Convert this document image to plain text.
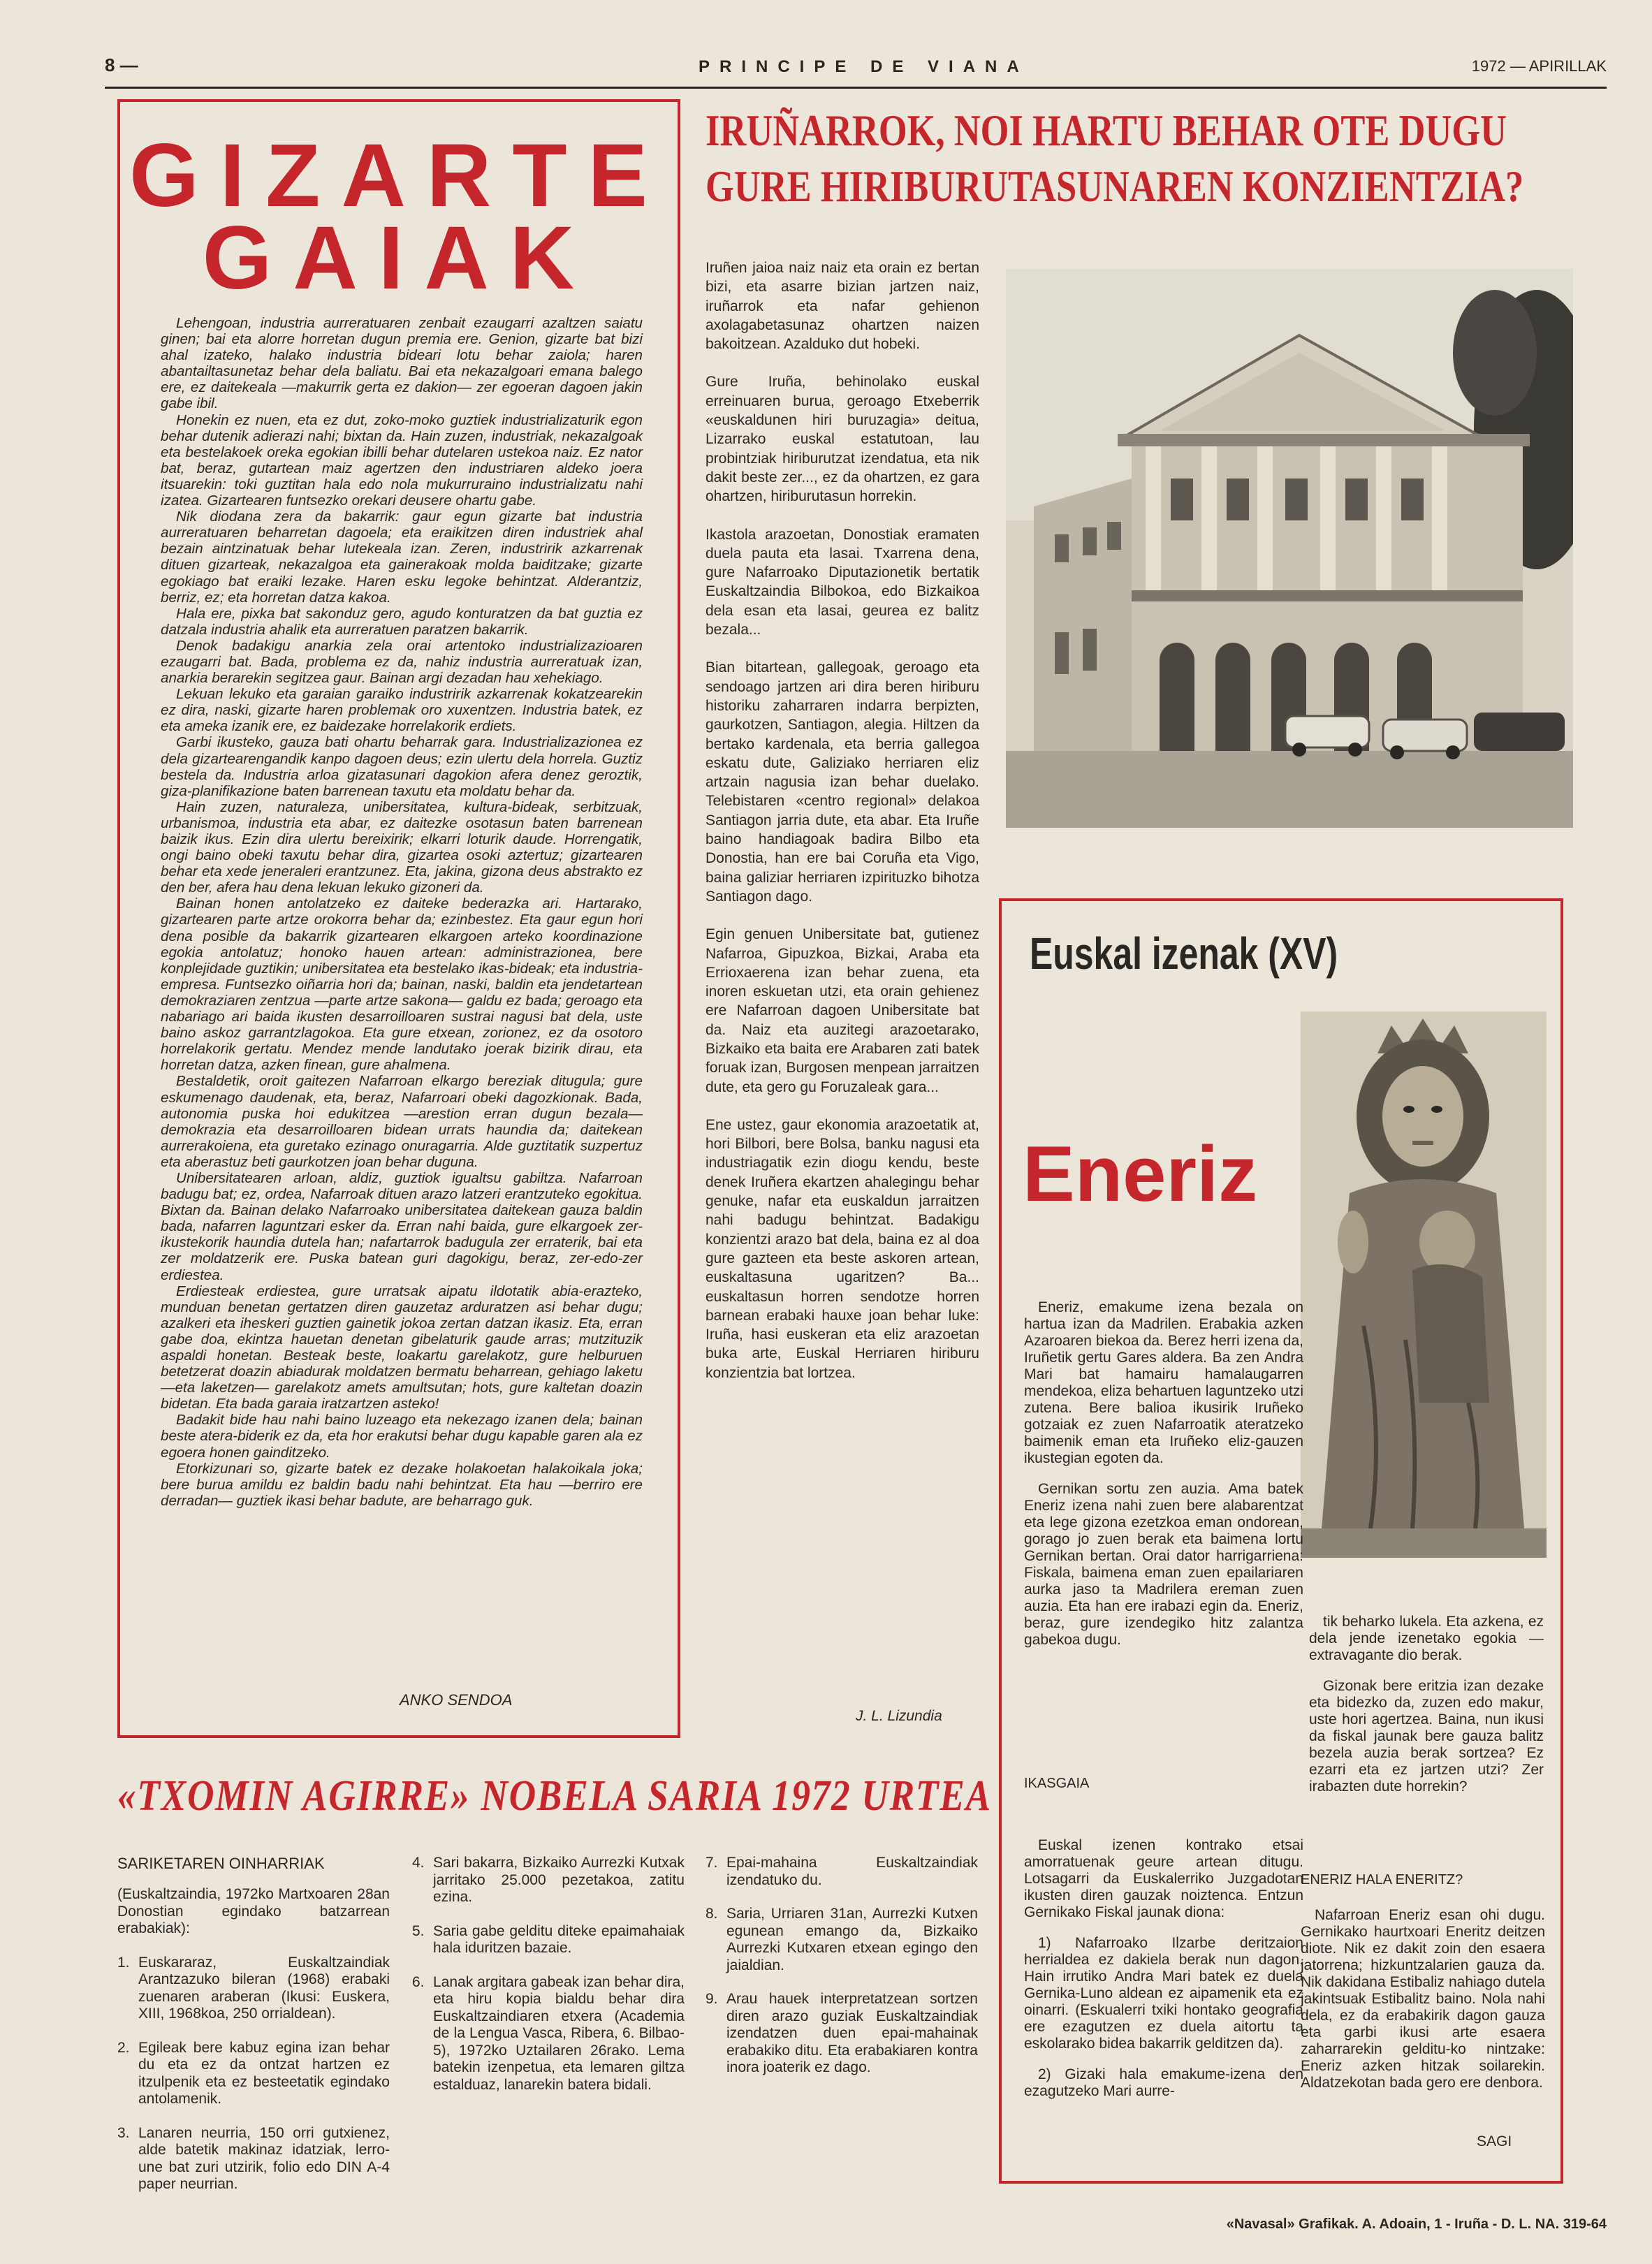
8 —	PRINCIPE DE VIANA	1972 — APIRILLAK
GIZARTE
GAIAK

Lehengoan, industria aurreratuaren zenbait ezaugarri azaltzen saiatu ginen; bai eta alorre horretan dugun premia ere. Genion, gizarte bat bizi ahal izateko, halako industria bideari lotu behar zaiola; haren abantailtasunetaz behar dela baliatu. Bai eta nekazalgoari emana balego ere, ez daitekeala —makurrik gerta ez dakion— zer egoeran dagoen jakin gabe ibil.

Honekin ez nuen, eta ez dut, zoko-moko guztiek industrializaturik egon behar dutenik adierazi nahi; bixtan da. Hain zuzen, industriak, nekazalgoak eta bestelakoek oreka egokian ibilli behar dutelaren ustekoa naiz. Ez nator bat, beraz, gutartean maiz agertzen den industriaren aldeko joera itsuarekin: toki guztitan hala edo nola mukurruraino industrializatu nahi izatea. Gizartearen funtsezko orekari deusere ohartu gabe.

Nik diodana zera da bakarrik: gaur egun gizarte bat industria aurreratuaren beharretan dagoela; eta eraikitzen diren industriek ahal bezain aintzinatuak behar lutekeala izan. Zeren, industririk azkarrenak dituen gizarteak, nekazalgoa eta gainerakoak molda baiditzake; gizarte egokiago bat eraiki lezake. Haren esku legoke behintzat. Alderantziz, berriz, ez; eta horretan datza kakoa.

Hala ere, pixka bat sakonduz gero, agudo konturatzen da bat guztia ez datzala industria ahalik eta aurreratuen paratzen bakarrik.

Denok badakigu anarkia zela orai artentoko industrializazioaren ezaugarri bat. Bada, problema ez da, nahiz industria aurreratuak izan, anarkia berarekin segitzea gaur. Bainan argi dezadan hau xehekiago.

Lekuan lekuko eta garaian garaiko industririk azkarrenak kokatzearekin ez dira, naski, gizarte haren problemak oro xuxentzen. Industria batek, ez eta ameka izanik ere, ez baidezake horrelakorik erdiets.

Garbi ikusteko, gauza bati ohartu beharrak gara. Industrializazionea ez dela gizartearengandik kanpo dagoen deus; ezin ulertu dela horrela. Guztiz bestela da. Industria arloa gizatasunari dagokion afera denez geroztik, giza-planifikazione baten barrenean taxutu eta moldatu behar da.

Hain zuzen, naturaleza, unibersitatea, kultura-bideak, serbitzuak, urbanismoa, industria eta abar, ez daitezke osotasun baten barrenean baizik ikus. Ezin dira ulertu bereixirik; elkarri loturik daude. Horrengatik, ongi baino obeki taxutu behar dira, gizartea osoki aztertuz; gizartearen behar eta xede jeneraleri erantzunez. Eta, jakina, gizona deus abstrakto ez den ber, afera hau dena lekuan lekuko gizoneri da.

Bainan honen antolatzeko ez daiteke bederazka ari. Hartarako, gizartearen parte artze orokorra behar da; ezinbestez. Eta gaur egun hori dena posible da bakarrik gizartearen elkargoen arteko koordinazione egokia antolatuz; honoko hauen artean: administrazionea, bere konplejidade guztikin; unibersitatea eta bestelako ikas-bideak; eta industria-empresa. Funtsezko oiñarria hori da; bainan, naski, baldin eta jendetartean demokraziaren zentzua —parte artze sakona— galdu ez bada; geroago eta nabariago ari baida ikusten desarroilloaren sustrai nagusi bat dela, uste baino askoz garrantzlagokoa. Eta gure etxean, zorionez, ez da osotoro horrelakorik gertatu. Mendez mende landutako joerak bizirik dirau, eta horretan datza, azken finean, gure ahalmena.

Bestaldetik, oroit gaitezen Nafarroan elkargo bereziak ditugula; gure eskumenago daudenak, eta, beraz, Nafarroari obeki dagozkionak. Bada, autonomia puska hoi edukitzea —arestion erran dugun bezala— demokrazia eta desarroilloaren bidean urrats haundia da; daitekean aurrerakoiena, eta guretako ezinago onuragarria. Alde guztitatik suzpertuz eta aberastuz beti gaurkotzen joan behar duguna.

Unibersitatearen arloan, aldiz, guztiok igualtsu gabiltza. Nafarroan badugu bat; ez, ordea, Nafarroak dituen arazo latzeri erantzuteko egokitua. Bixtan da. Bainan delako Nafarroako unibersitatea daitekean gauza baldin bada, nafarren laguntzari esker da. Erran nahi baida, gure elkargoek zer-ikustekorik haundia dutela han; nafartarrok badugula zer erraterik, bai eta zer moldatzerik ere. Puska batean guri dagokigu, beraz, zer-edo-zer erdiestea.

Erdiesteak erdiestea, gure urratsak aipatu ildotatik abia-erazteko, munduan benetan gertatzen diren gauzetaz arduratzen asi behar dugu; azalkeri eta iheskeri guztien gainetik jokoa zertan datzan ikasiz. Eta, erran gabe doa, ekintza hauetan denetan gibelaturik gaude arras; mutzituzik aspaldi honetan. Besteak beste, loakartu garelakotz, gure helburuen betetzerat doazin abiadurak moldatzen bermatu beharrean, gehiago laketu —eta laketzen— garelakotz amets amultsutan; hots, gure kaltetan doazin bidetan. Eta bada garaia iratzartzen asteko!

Badakit bide hau nahi baino luzeago eta nekezago izanen dela; bainan beste atera-biderik ez da, eta hor erakutsi behar dugu kapable garen ala ez egoera honen gainditzeko.

Etorkizunari so, gizarte batek ez dezake holakoetan halakoikala joka; bere burua amildu ez baldin badu nahi behintzat. Eta hau —berriro ere derradan— guztiek ikasi behar badute, are beharrago guk.

ANKO SENDOA
IRUÑARROK, NOI HARTU BEHAR OTE DUGU
GURE HIRIBURUTASUNAREN KONZIENTZIA?

Iruñen jaioa naiz naiz eta orain ez bertan bizi, eta asarre bizian jartzen naiz, iruñarrok eta nafar gehienon axolagabetasunaz ohartzen naizen bakoitzean. Azalduko dut hobeki.

Gure Iruña, behinolako euskal erreinuaren burua, geroago Etxeberrik «euskaldunen hiri buruzagia» deitua, Lizarrako euskal estatutoan, lau probintziak hiriburutzat izendatua, eta nik dakit beste zer..., ez da ohartzen, ez gara ohartzen, hiriburutasun horrekin.

Ikastola arazoetan, Donostiak eramaten duela pauta eta lasai. Txarrena dena, gure Nafarroako Diputazionetik bertatik Euskaltzaindia Bilbokoa, edo Bizkaikoa dela esan eta lasai, geurea ez balitz bezala...

Bian bitartean, gallegoak, geroago eta sendoago jartzen ari dira beren hiriburu historiku zaharraren indarra berpizten, gaurkotzen, Santiagon, alegia. Hiltzen da bertako kardenala, eta berria gallegoa eskatu dute, Galiziako herriaren eliz artzain nagusia izan behar duelako. Telebistaren «centro regional» delakoa Santiagon jarria dute, eta abar. Eta Iruñe baino handiagoak badira Bilbo eta Donostia, han ere bai Coruña eta Vigo, baina galiziar herriaren izpirituzko bihotza Santiagon dago.

Egin genuen Unibersitate bat, gutienez Nafarroa, Gipuzkoa, Bizkai, Araba eta Errioxaerena izan behar zuena, eta inoren eskuetan utzi, eta orain gehienez ere Nafarroan dagoen Unibersitate bat da. Naiz eta auzitegi arazoetarako, Bizkaiko eta baita ere Arabaren zati batek foruak izan, Burgosen menpean jarraitzen dute, eta gero gu Foruzaleak gara...

Ene ustez, gaur ekonomia arazoetatik at, hori Bilbori, bere Bolsa, banku nagusi eta industriagatik ezin diogu kendu, beste denek Iruñera ekartzen ahalegingu behar genuke, nafar eta euskaldun jarraitzen nahi badugu behintzat. Badakigu konzientzi arazo bat dela, baina ez al doa gure gazteen eta beste askoren artean, euskaltasuna ugaritzen? Ba... euskaltasun horren sendotze horren barnean erabaki hauxe joan behar luke: Iruña, hasi euskeran eta eliz arazoetan buka arte, Euskal Herriaren hiriburu konzientzia bat lortzea.

J. L. Lizundia
Euskal izenak (XV)
Eneriz

Eneriz, emakume izena bezala on hartua izan da Madrilen. Erabakia azken Azaroaren biekoa da. Berez herri izena da, Iruñetik gertu Gares aldera. Ba zen Andra Mari bat hamairu hamalaugarren mendekoa, eliza behartuen laguntzeko utzi zutena. Bere balioa ikusirik Iruñeko gotzaiak ez zuen Nafarroatik ateratzeko baimenik eman eta Iruñeko eliz-gauzen ikustegian egoten da.

Gernikan sortu zen auzia. Ama batek Eneriz izena nahi zuen bere alabarentzat eta lege gizona ezetzkoa eman ondorean, gorago jo zuen berak eta baimena lortu Gernikan bertan. Orai dator harrigarriena: Fiskala, baimena eman zuen epailariaren aurka jaso ta Madrilera ereman zuen auzia. Eta han ere irabazi egin da. Eneriz, beraz, gure izendegiko hitz zalantza gabekoa dugu.

tik beharko lukela. Eta azkena, ez dela jende izenetako egokia —extravagante dio berak.

Gizonak bere eritzia izan dezake eta bidezko da, zuzen edo makur, uste hori agertzea. Baina, nun ikusi da fiskal jaunak bere gauza balitz bezela auzia berak sortzea? Ez ezarri eta ez jartzen utzi? Zer irabazten dute horrekin?

IKASGAIA

Euskal izenen kontrako etsai amorratuenak geure artean ditugu. Lotsagarri da Euskalerriko Juzgadotan ikusten diren gauzak noiztenca. Entzun Gernikako Fiskal jaunak diona:

1) Nafarroako Ilzarbe deritzaion herrialdea ez dakiela berak nun dagon. Hain irrutiko Andra Mari batek ez duela Gernika-Luno aldean ez aipamenik eta ez oinarri. (Eskualerri txiki hontako geografia ere ezagutzen ez duela aitortu ta eskolarako bidea bakarrik gelditzen da).

2) Gizaki hala emakume-izena den ezagutzeko Mari aurre-

ENERIZ HALA ENERITZ?

Nafarroan Eneriz esan ohi dugu. Gernikako haurtxoari Eneritz deitzen diote. Nik ez dakit zoin den esaera jatorrena; hizkuntzalarien gauza da. Nik dakidana Estibaliz nahiago dutela jakintsuak Estibalitz baino. Nola nahi dela, ez da erabakirik dagon gauza eta garbi ikusi arte esaera zaharrarekin gelditu-ko nintzake: Eneriz azken hitzak soilarekin. Aldatzekotan bada gero ere denbora.

SAGI
«TXOMIN AGIRRE» NOBELA SARIA 1972 URTEA
SARIKETAREN OINHARRIAK

(Euskaltzaindia, 1972ko Martxoaren 28an Donostian egindako batzarrean erabakiak):

1. Euskararaz, Euskaltzaindiak Arantzazuko bileran (1968) erabaki zuenaren araberan (Ikusi: Euskera, XIII, 1968koa, 250 orrialdean).
2. Egileak bere kabuz egina izan behar du eta ez da ontzat hartzen ez itzulpenik eta ez besteetatik egindako antolamenik.
3. Lanaren neurria, 150 orri gutxienez, alde batetik makinaz idatziak, lerro-une bat zuri utzirik, folio edo DIN A-4 paper neurrian.
4. Sari bakarra, Bizkaiko Aurrezki Kutxak jarritako 25.000 pezetakoa, zatitu ezina.
5. Saria gabe gelditu diteke epaimahaiak hala iduritzen bazaie.
6. Lanak argitara gabeak izan behar dira, eta hiru kopia bialdu behar dira Euskaltzaindiaren etxera (Academia de la Lengua Vasca, Ribera, 6. Bilbao-5), 1972ko Uztailaren 26rako. Lema batekin izenpetua, eta lemaren giltza estalduaz, lanarekin batera bidali.
7. Epai-mahaina Euskaltzaindiak izendatuko du.
8. Saria, Urriaren 31an, Aurrezki Kutxen egunean emango da, Bizkaiko Aurrezki Kutxaren etxean egingo den jaialdian.
9. Arau hauek interpretatzean sortzen diren arazo guziak Euskaltzaindiak izendatzen duen epai-mahainak erabakiko ditu. Eta erabakiaren kontra inora joaterik ez dago.
«Navasal» Grafikak. A. Adoain, 1 - Iruña - D. L. NA. 319-64
